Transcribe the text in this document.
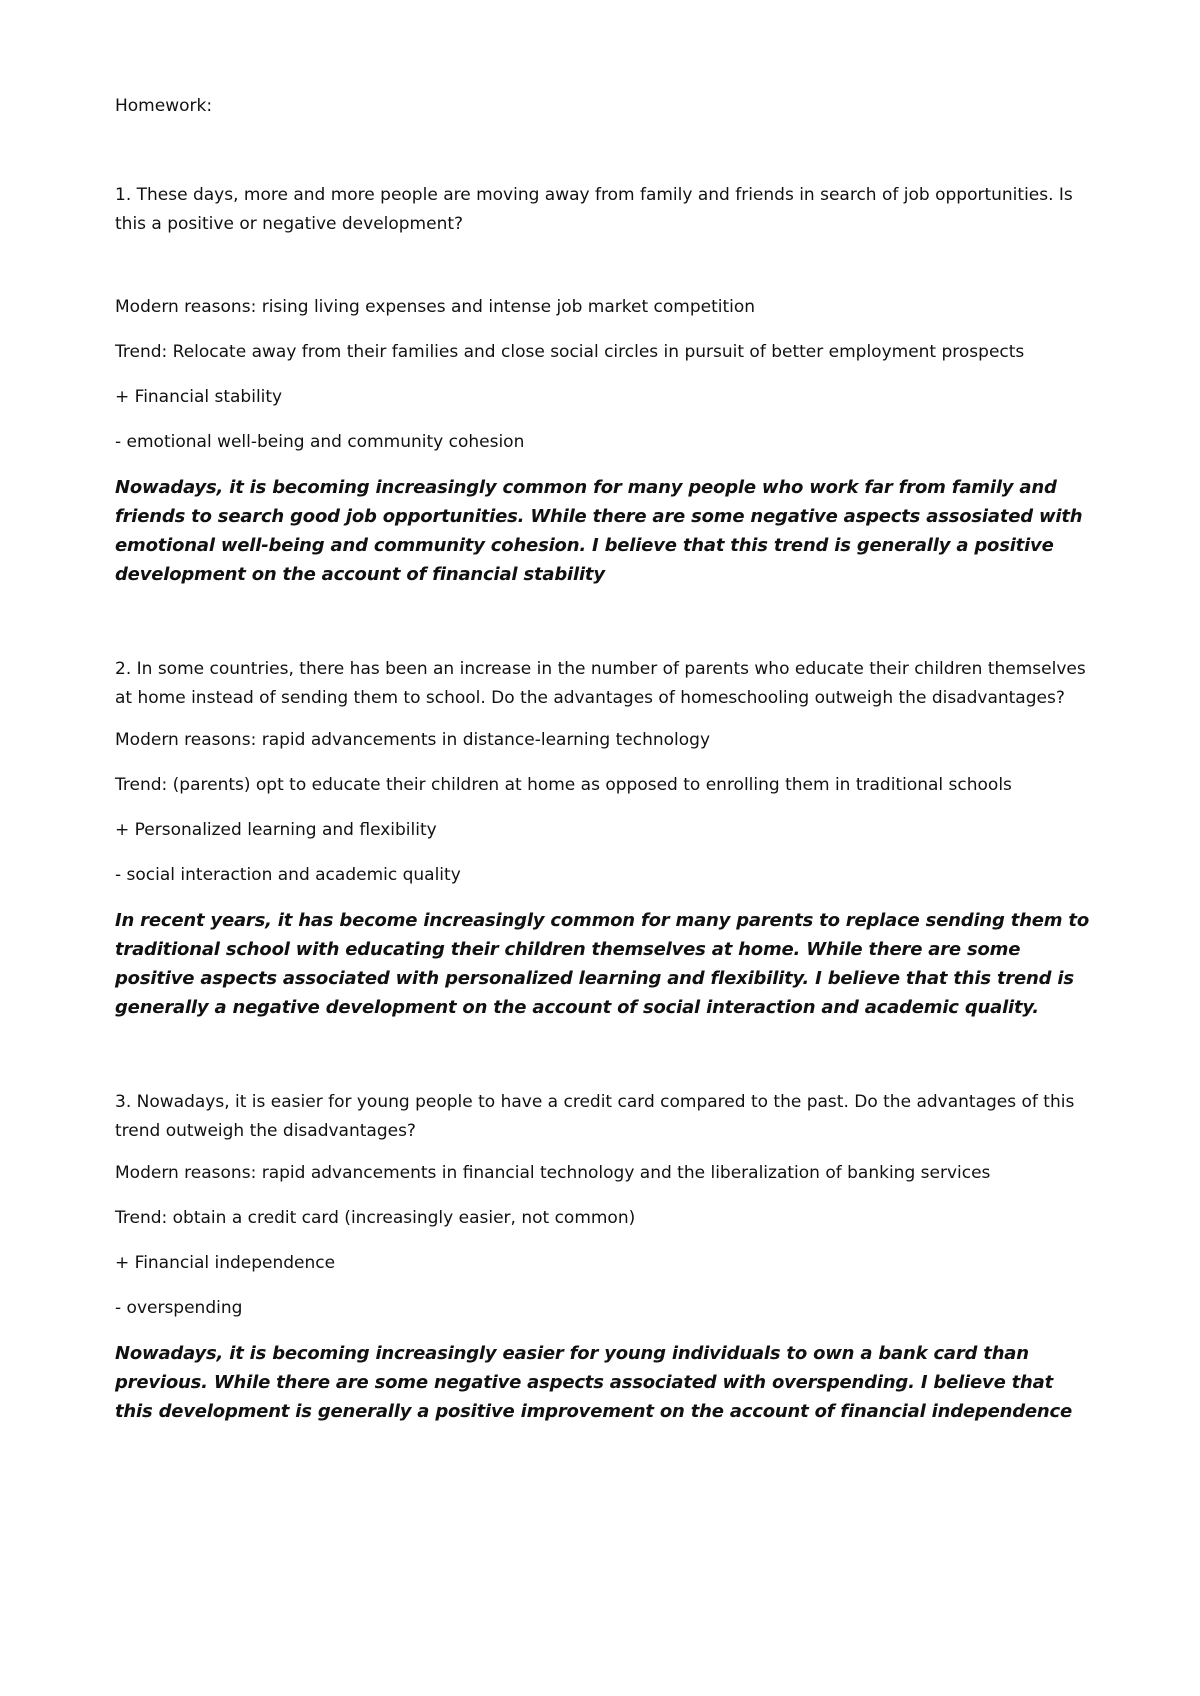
Homework:

1. These days, more and more people are moving away from family and friends in search of job opportunities. Is this a positive or negative development?

Modern reasons: rising living expenses and intense job market competition

Trend: Relocate away from their families and close social circles in pursuit of better employment prospects

+ Financial stability

- emotional well-being and community cohesion

Nowadays, it is becoming increasingly common for many people who work far from family and friends to search good job opportunities. While there are some negative aspects assosiated with emotional well-being and community cohesion. I believe that this trend is generally a positive development on the account of financial stability

2. In some countries, there has been an increase in the number of parents who educate their children themselves at home instead of sending them to school. Do the advantages of homeschooling outweigh the disadvantages?

Modern reasons: rapid advancements in distance-learning technology

Trend: (parents) opt to educate their children at home as opposed to enrolling them in traditional schools

+ Personalized learning and flexibility

- social interaction and academic quality

In recent years, it has become increasingly common for many parents to replace sending them to traditional school with educating their children themselves at home. While there are some positive aspects associated with personalized learning and flexibility. I believe that this trend is generally a negative development on the account of social interaction and academic quality.

3. Nowadays, it is easier for young people to have a credit card compared to the past. Do the advantages of this trend outweigh the disadvantages?

Modern reasons: rapid advancements in financial technology and the liberalization of banking services

Trend: obtain a credit card (increasingly easier, not common)

+ Financial independence

- overspending

Nowadays, it is becoming increasingly easier for young individuals to own a bank card than previous. While there are some negative aspects associated with overspending. I believe that this development is generally a positive improvement on the account of financial independence
